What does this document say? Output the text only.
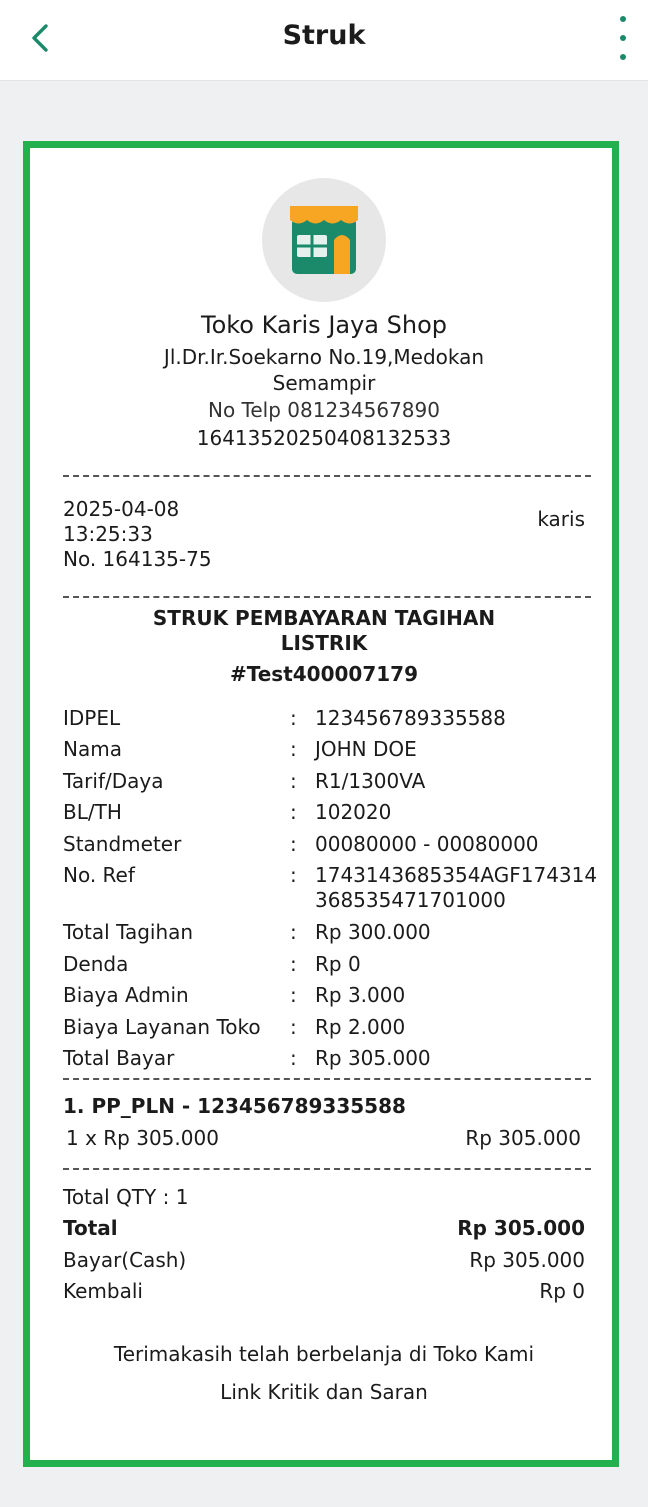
Struk
Toko Karis Jaya Shop
Jl.Dr.Ir.Soekarno No.19,Medokan
Semampir
No Telp 081234567890
16413520250408132533
2025-04-08
13:25:33
No. 164135-75
karis
STRUK PEMBAYARAN TAGIHAN
LISTRIK
#Test400007179
IDPEL	: 123456789335588
Nama	: JOHN DOE
Tarif/Daya	: R1/1300VA
BL/TH	: 102020
Standmeter	: 00080000 - 00080000
No. Ref	: 1743143685354AGF174314
368535471701000
Total Tagihan	: Rp 300.000
Denda	: Rp 0
Biaya Admin	: Rp 3.000
Biaya Layanan Toko : Rp 2.000
Total Bayar	: Rp 305.000
1. PP_PLN - 123456789335588
1 x Rp 305.000	Rp 305.000
Total QTY : 1
Total	Rp 305.000
Bayar(Cash)	Rp 305.000
Kembali	Rp 0
Terimakasih telah berbelanja di Toko Kami
Link Kritik dan Saran
